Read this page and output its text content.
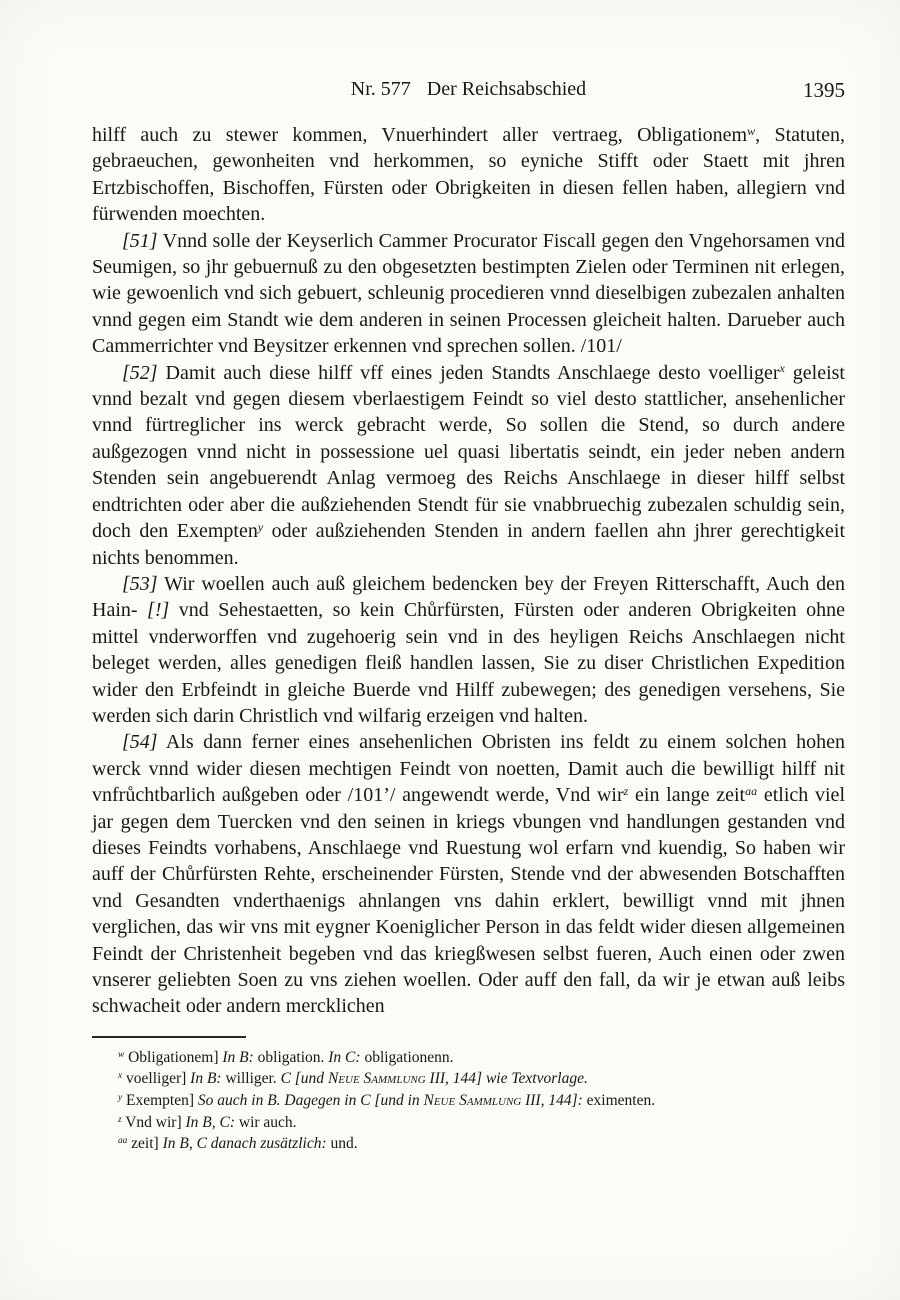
Nr. 577 Der Reichsabschied	1395

hilff auch zu stewer kommen, Vnuerhindert aller vertraeg, Obligationem$^w$, Statuten, gebraeuchen, gewonheiten vnd herkommen, so eyniche Stifft oder Staett mit jhren Ertzbischoffen, Bischoffen, Fürsten oder Obrigkeiten in diesen fellen haben, allegiern vnd fürwenden moechten.

[51] Vnnd solle der Keyserlich Cammer Procurator Fiscall gegen den Vngehorsamen vnd Seumigen, so jhr gebuernuß zu den obgesetzten bestimpten Zielen oder Terminen nit erlegen, wie gewoenlich vnd sich gebuert, schleunig procedieren vnnd dieselbigen zubezalen anhalten vnnd gegen eim Standt wie dem anderen in seinen Processen gleicheit halten. Darueber auch Cammerrichter vnd Beysitzer erkennen vnd sprechen sollen. /101/

[52] Damit auch diese hilff vff eines jeden Standts Anschlaege desto voelliger$^x$ geleist vnnd bezalt vnd gegen diesem vberlaestigem Feindt so viel desto stattlicher, ansehenlicher vnnd fürtreglicher ins werck gebracht werde, So sollen die Stend, so durch andere außgezogen vnnd nicht in possessione uel quasi libertatis seindt, ein jeder neben andern Stenden sein angebuerendt Anlag vermoeg des Reichs Anschlaege in dieser hilff selbst endtrichten oder aber die außziehenden Stendt für sie vnabbruechig zubezalen schuldig sein, doch den Exempten$^y$ oder außziehenden Stenden in andern faellen ahn jhrer gerechtigkeit nichts benommen.

[53] Wir woellen auch auß gleichem bedencken bey der Freyen Ritterschafft, Auch den Hain- [!] vnd Sehestaetten, so kein Chůrfürsten, Fürsten oder anderen Obrigkeiten ohne mittel vnderworffen vnd zugehoerig sein vnd in des heyligen Reichs Anschlaegen nicht beleget werden, alles genedigen fleiß handlen lassen, Sie zu diser Christlichen Expedition wider den Erbfeindt in gleiche Buerde vnd Hilff zubewegen; des genedigen versehens, Sie werden sich darin Christlich vnd wilfarig erzeigen vnd halten.

[54] Als dann ferner eines ansehenlichen Obristen ins feldt zu einem solchen hohen werck vnnd wider diesen mechtigen Feindt von noetten, Damit auch die bewilligt hilff nit vnfrůchtbarlich außgeben oder /101’/ angewendt werde, Vnd wir$^z$ ein lange zeit$^{aa}$ etlich viel jar gegen dem Tuercken vnd den seinen in kriegs vbungen vnd handlungen gestanden vnd dieses Feindts vorhabens, Anschlaege vnd Ruestung wol erfarn vnd kuendig, So haben wir auff der Chůrfürsten Rehte, erscheinender Fürsten, Stende vnd der abwesenden Botschafften vnd Gesandten vnderthaenigs ahnlangen vns dahin erklert, bewilligt vnnd mit jhnen verglichen, das wir vns mit eygner Koeniglicher Person in das feldt wider diesen allgemeinen Feindt der Christenheit begeben vnd das kriegßwesen selbst fueren, Auch einen oder zwen vnserer geliebten Soen zu vns ziehen woellen. Oder auff den fall, da wir je etwan auß leibs schwacheit oder andern mercklichen

$^w$ Obligationem] In B: obligation. In C: obligationenn.

$^x$ voelliger] In B: williger. C [und Neue Sammlung III, 144] wie Textvorlage.

$^y$ Exempten] So auch in B. Dagegen in C [und in Neue Sammlung III, 144]: eximenten.

$^z$ Vnd wir] In B, C: wir auch.

$^{aa}$ zeit] In B, C danach zusätzlich: und.
